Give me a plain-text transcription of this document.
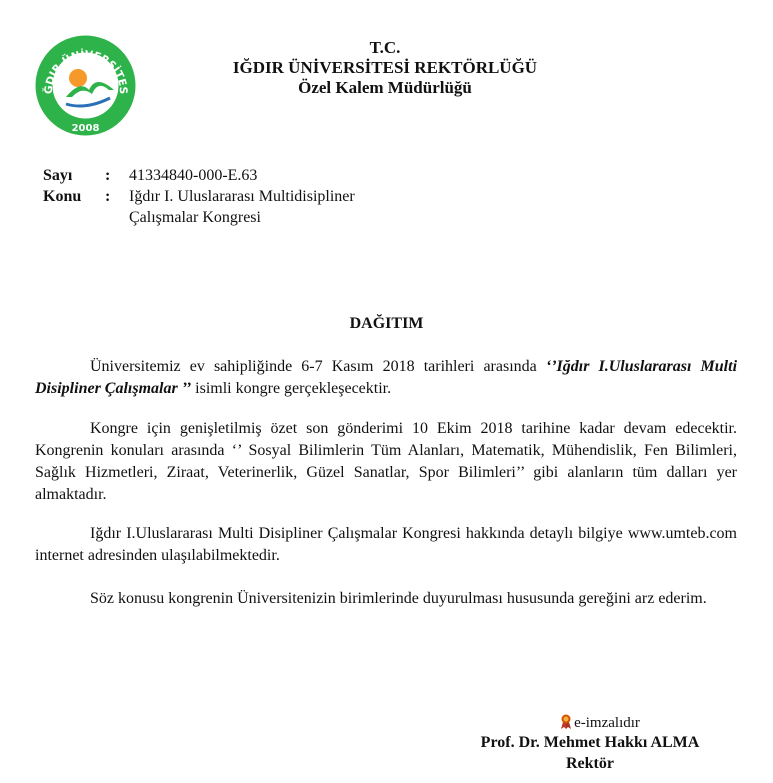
ĞDIR ÜNİVERSİTES
2008
T.C.
IĞDIR ÜNİVERSİTESİ REKTÖRLÜĞÜ
Özel Kalem Müdürlüğü
Sayı	:	41334840-000-E.63
Konu	:	Iğdır I. Uluslararası Multidisipliner Çalışmalar Kongresi
DAĞITIM

Üniversitemiz ev sahipliğinde 6-7 Kasım 2018 tarihleri arasında ‘’Iğdır I.Uluslararası Multi Disipliner Çalışmalar ’’ isimli kongre gerçekleşecektir.

Kongre için genişletilmiş özet son gönderimi 10 Ekim 2018 tarihine kadar devam edecektir. Kongrenin konuları arasında ‘’ Sosyal Bilimlerin Tüm Alanları, Matematik, Mühendislik, Fen Bilimleri, Sağlık Hizmetleri, Ziraat, Veterinerlik, Güzel Sanatlar, Spor Bilimleri’’ gibi alanların tüm dalları yer almaktadır.

Iğdır I.Uluslararası Multi Disipliner Çalışmalar Kongresi hakkında detaylı bilgiye www.umteb.com internet adresinden ulaşılabilmektedir.

Söz konusu kongrenin Üniversitenizin birimlerinde duyurulması hususunda gereğini arz ederim.

e-imzalıdır
Prof. Dr. Mehmet Hakkı ALMA
Rektör
